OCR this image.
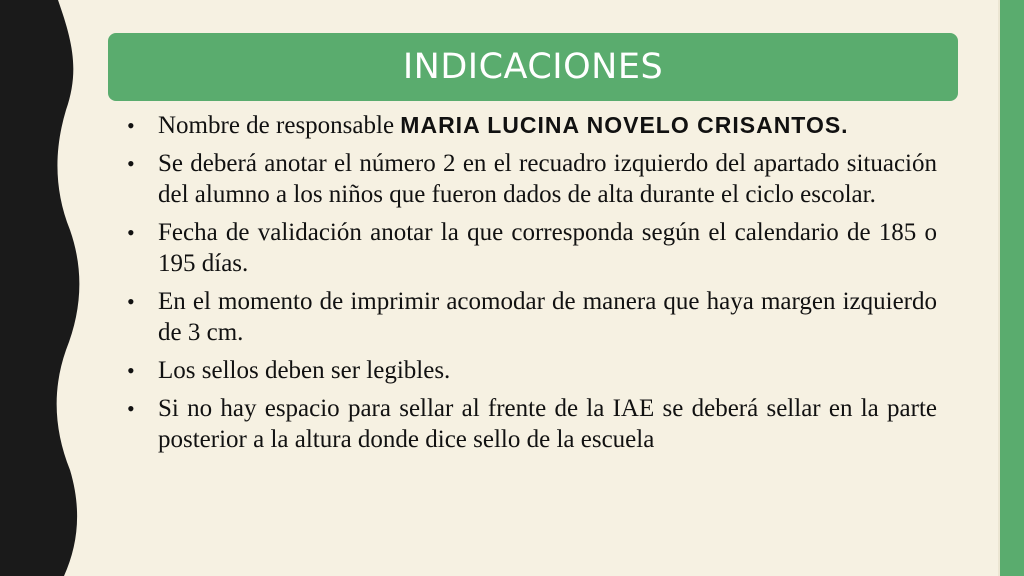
INDICACIONES
• Nombre de responsable MARIA LUCINA NOVELO CRISANTOS.
• Se deberá anotar el número 2 en el recuadro izquierdo del apartado situación del alumno a los niños que fueron dados de alta durante el ciclo escolar.
• Fecha de validación anotar la que corresponda según el calendario de 185 o 195 días.
• En el momento de imprimir acomodar de manera que haya margen izquierdo de 3 cm.
• Los sellos deben ser legibles.
• Si no hay espacio para sellar al frente de la IAE se deberá sellar en la parte posterior a la altura donde dice sello de la escuela
